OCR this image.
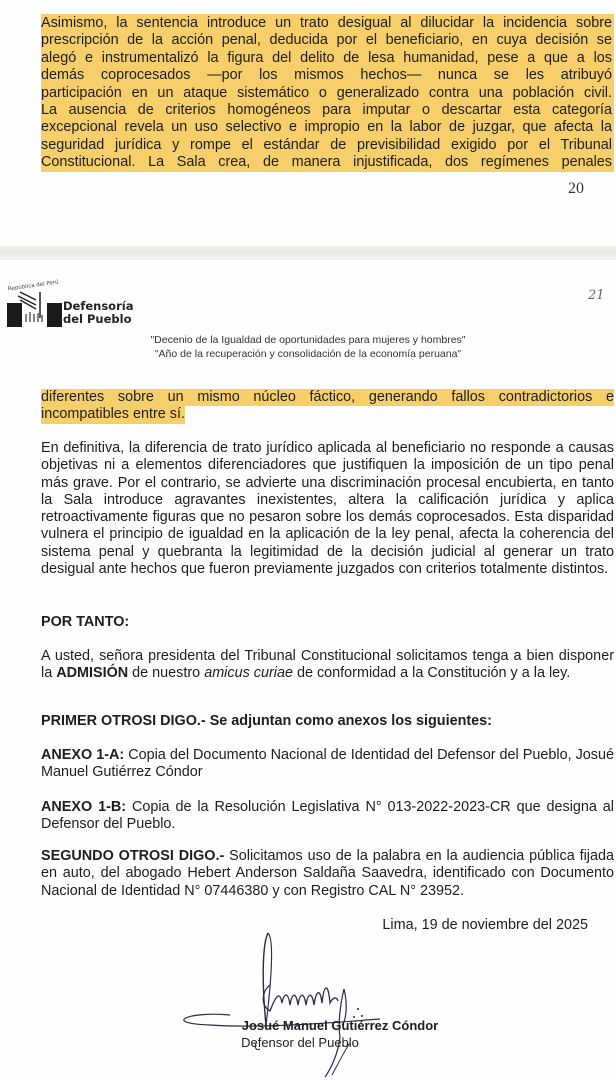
Asimismo, la sentencia introduce un trato desigual al dilucidar la incidencia sobre
prescripción de la acción penal, deducida por el beneficiario, en cuya decisión se
alegó e instrumentalizó la figura del delito de lesa humanidad, pese a que a los
demás coprocesados —por los mismos hechos— nunca se les atribuyó
participación en un ataque sistemático o generalizado contra una población civil.
La ausencia de criterios homogéneos para imputar o descartar esta categoría
excepcional revela un uso selectivo e impropio en la labor de juzgar, que afecta la
seguridad jurídica y rompe el estándar de previsibilidad exigido por el Tribunal
Constitucional. La Sala crea, de manera injustificada, dos regímenes penales
20
21
República del Perú
Defensoría
del Pueblo
"Decenio de la Igualdad de oportunidades para mujeres y hombres"
"Año de la recuperación y consolidación de la economía peruana"
diferentes sobre un mismo núcleo fáctico, generando fallos contradictorios e
incompatibles entre sí.

En definitiva, la diferencia de trato jurídico aplicada al beneficiario no responde a causas objetivas ni a elementos diferenciadores que justifiquen la imposición de un tipo penal más grave. Por el contrario, se advierte una discriminación procesal encubierta, en tanto la Sala introduce agravantes inexistentes, altera la calificación jurídica y aplica retroactivamente figuras que no pesaron sobre los demás coprocesados. Esta disparidad vulnera el principio de igualdad en la aplicación de la ley penal, afecta la coherencia del sistema penal y quebranta la legitimidad de la decisión judicial al generar un trato desigual ante hechos que fueron previamente juzgados con criterios totalmente distintos.

POR TANTO:

A usted, señora presidenta del Tribunal Constitucional solicitamos tenga a bien disponer la ADMISIÓN de nuestro amicus curiae de conformidad a la Constitución y a la ley.

PRIMER OTROSI DIGO.- Se adjuntan como anexos los siguientes:

ANEXO 1-A: Copia del Documento Nacional de Identidad del Defensor del Pueblo, Josué Manuel Gutiérrez Cóndor

ANEXO 1-B: Copia de la Resolución Legislativa N° 013-2022-2023-CR que designa al Defensor del Pueblo.

SEGUNDO OTROSI DIGO.- Solicitamos uso de la palabra en la audiencia pública fijada en auto, del abogado Hebert Anderson Saldaña Saavedra, identificado con Documento Nacional de Identidad N° 07446380 y con Registro CAL N° 23952.

Lima, 19 de noviembre del 2025
Josué Manuel Gutiérrez Cóndor
Defensor del Pueblo
